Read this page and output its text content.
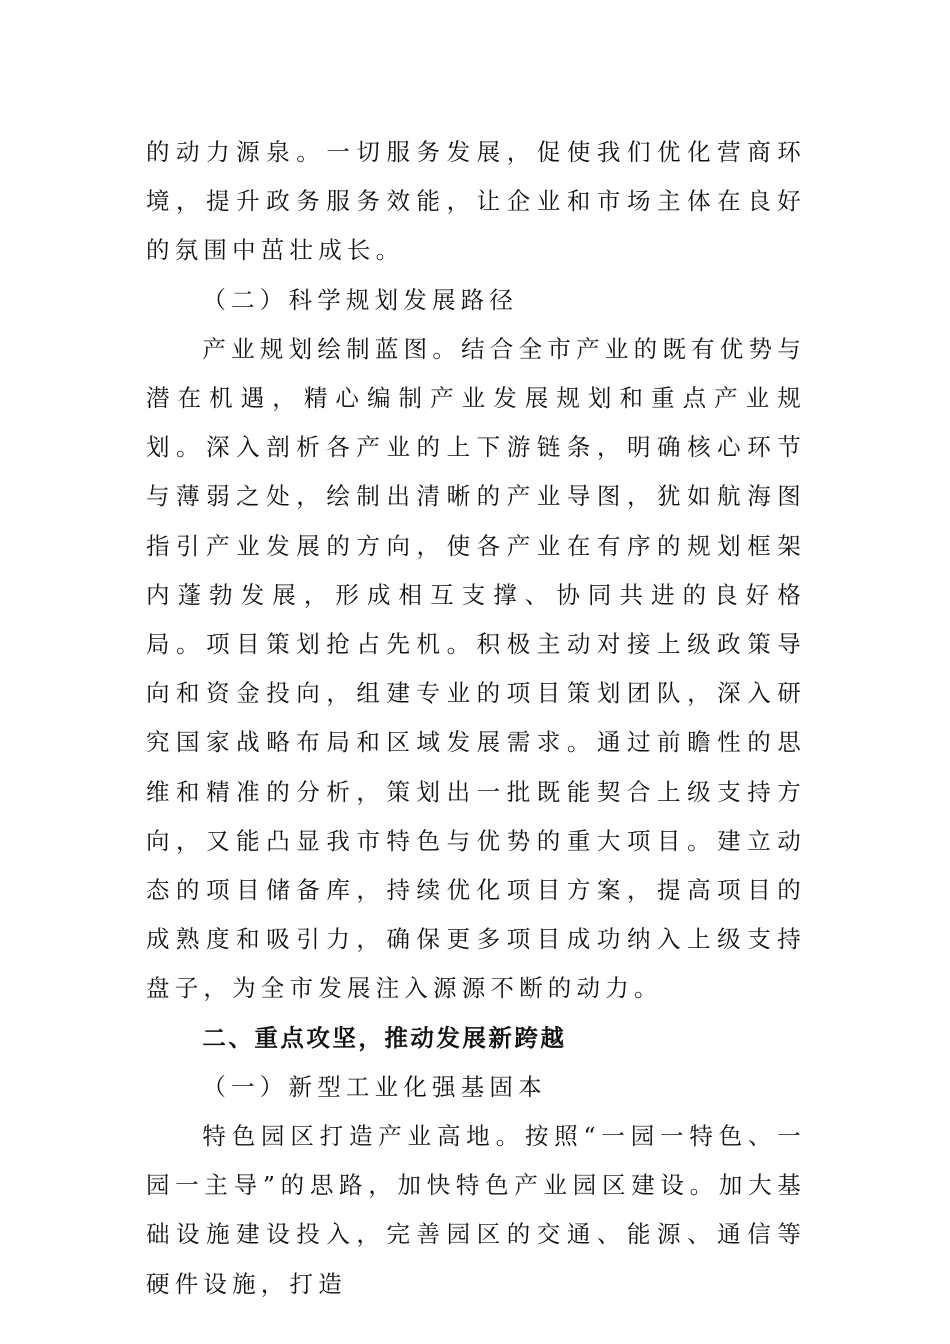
的动力源泉。一切服务发展，促使我们优化营商环境，提升政务服务效能，让企业和市场主体在良好的氛围中茁壮成长。

（二）科学规划发展路径

产业规划绘制蓝图。结合全市产业的既有优势与潜在机遇，精心编制产业发展规划和重点产业规划。深入剖析各产业的上下游链条，明确核心环节与薄弱之处，绘制出清晰的产业导图，犹如航海图指引产业发展的方向，使各产业在有序的规划框架内蓬勃发展，形成相互支撑、协同共进的良好格局。项目策划抢占先机。积极主动对接上级政策导向和资金投向，组建专业的项目策划团队，深入研究国家战略布局和区域发展需求。通过前瞻性的思维和精准的分析，策划出一批既能契合上级支持方向，又能凸显我市特色与优势的重大项目。建立动态的项目储备库，持续优化项目方案，提高项目的成熟度和吸引力，确保更多项目成功纳入上级支持盘子，为全市发展注入源源不断的动力。

二、重点攻坚，推动发展新跨越

（一）新型工业化强基固本

特色园区打造产业高地。按照“一园一特色、一园一主导”的思路，加快特色产业园区建设。加大基础设施建设投入，完善园区的交通、能源、通信等硬件设施，打造
